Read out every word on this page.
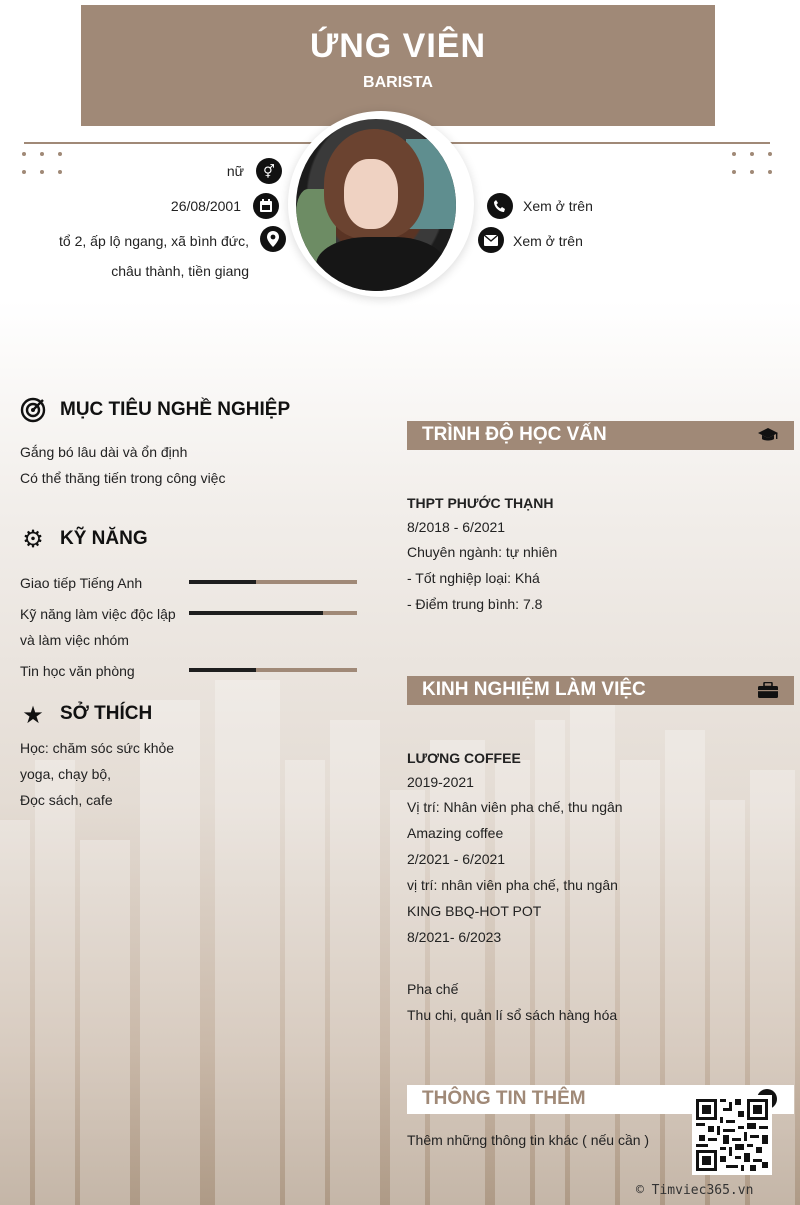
ỨNG VIÊN
BARISTA
nữ	⚥
26/08/2001
tổ 2, ấp lộ ngang, xã bình đức,
châu thành, tiền giang
Xem ở trên
Xem ở trên
MỤC TIÊU NGHỀ NGHIỆP
Gắng bó lâu dài và ổn định
Có thể thăng tiến trong công việc
⚙ KỸ NĂNG
Giao tiếp Tiếng Anh
Kỹ năng làm việc độc lập
và làm việc nhóm
Tin học văn phòng
★ SỞ THÍCH
Học: chăm sóc sức khỏe
yoga, chạy bộ,
Đọc sách, cafe
TRÌNH ĐỘ HỌC VẤN
THPT PHƯỚC THẠNH
8/2018 - 6/2021
Chuyên ngành: tự nhiên
- Tốt nghiệp loại: Khá
- Điểm trung bình: 7.8
KINH NGHIỆM LÀM VIỆC
LƯƠNG COFFEE
2019-2021
Vị trí: Nhân viên pha chế, thu ngân
Amazing coffee
2/2021 - 6/2021
vị trí: nhân viên pha chế, thu ngân
KING BBQ-HOT POT
8/2021- 6/2023
Pha chế
Thu chi, quản lí sổ sách hàng hóa
THÔNG TIN THÊM
Thêm những thông tin khác ( nếu cần )
© Timviec365.vn
